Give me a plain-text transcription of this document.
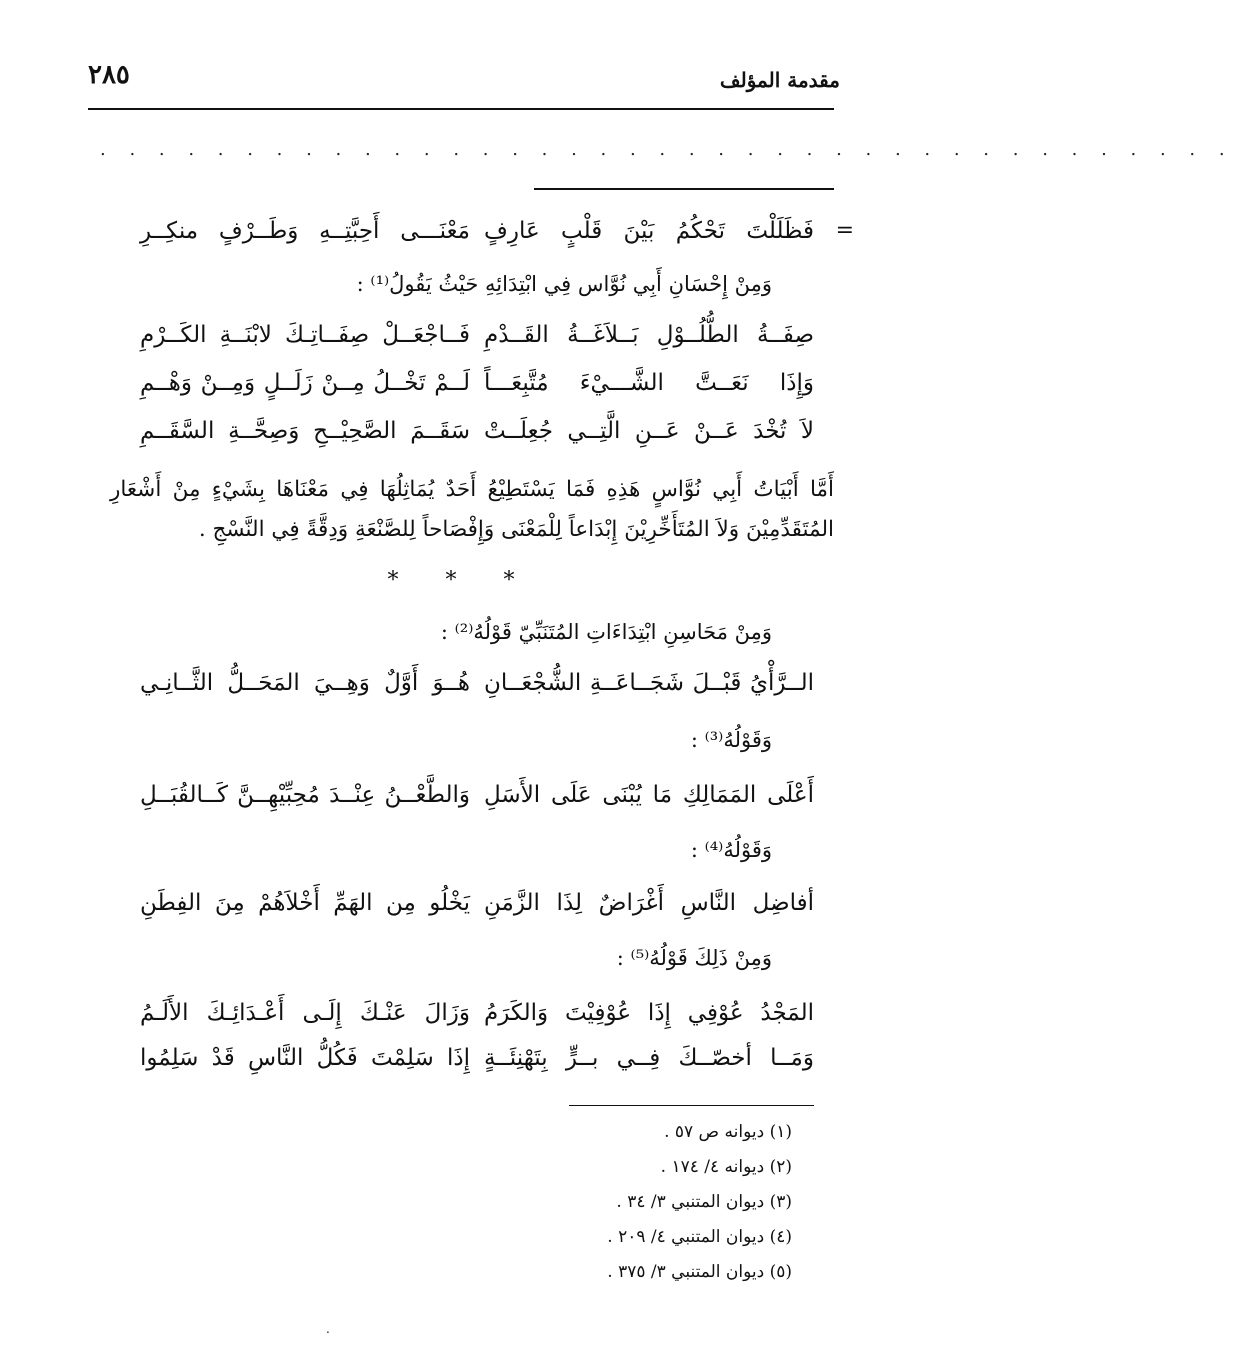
مقدمة المؤلف
٢٨٥
. . . . . . . . . . . . . . . . . . . . . . . . . . . . . . . . . . . . . . .
=
فَظَلَلْتَ تَحْكُمُ بَيْنَ قَلْبٍ عَارِفٍ
مَعْنَـــى أَحِبَّتِــهِ وَطَــرْفٍ منكِــرِ
وَمِنْ إِحْسَانِ أَبِي نُوَّاس فِي ابْتِدَائِهِ حَيْثُ يَقُولُ⁽¹⁾ :
صِفَــةُ الطُّلُــوْلِ بَــلاَغَــةُ القَــدْمِ
فَــاجْعَــلْ صِفَــاتِـكَ لابْنَــةِ الكَــرْمِ
وَإِذَا نَعَــتَّ الشَّـــيْءَ مُتَّبِعَـــاً
لَــمْ تَخْــلُ مِــنْ زَلَــلٍ وَمِــنْ وَهْــمِ
لاَ تُخْدَ عَــنْ عَــنِ الَّتِــي جُعِلَــتْ
سَقَــمَ الصَّحِيْــحِ وَصِحَّــةِ السَّقَــمِ
أَمَّا أَبْيَاتُ أَبِي نُوَّاسٍ هَذِهِ فَمَا يَسْتَطِيْعُ أَحَدٌ يُمَاثِلُهَا فِي مَعْنَاهَا بِشَيْءٍ مِنْ أَشْعَارِ المُتَقَدِّمِيْنَ وَلاَ المُتَأَخِّرِيْنَ إِبْدَاعاً لِلْمَعْنَى وَإِفْصَاحاً لِلصَّنْعَةِ وَدِقَّةً فِي النَّسْجِ .
* * *
وَمِنْ مَحَاسِنِ ابْتِدَاءَاتِ المُتَنَبِّيّ قَوْلُهُ⁽²⁾ :
الــرَّأْيُ قَبْــلَ شَجَــاعَــةِ الشُّجْعَــانِ
هُــوَ أَوَّلٌ وَهِــيَ المَحَــلُّ الثَّــانِـي
وَقَوْلُهُ⁽³⁾ :
أَعْلَى المَمَالِكِ مَا يُبْنَى عَلَى الأَسَلِ
وَالطَّعْــنُ عِنْــدَ مُحِبِّيْهِــنَّ كَــالقُبَــلِ
وَقَوْلُهُ⁽⁴⁾ :
أفاضِل النَّاسِ أَغْرَاضٌ لِذَا الزَّمَنِ
يَخْلُو مِن الهَمِّ أَخْلاَهُمْ مِنَ الفِطَنِ
وَمِنْ ذَلِكَ قَوْلُهُ⁽⁵⁾ :
المَجْدُ عُوْفِي إِذَا عُوْفِيْتَ وَالكَرَمُ
وَزَالَ عَنْـكَ إِلَـى أَعْـدَائِـكَ الأَلَـمُ
وَمَــا أخصّــكَ فِــي بــرٍّ بِتَهْنِئَــةٍ
إِذَا سَلِمْتَ فَكُلُّ النَّاسِ قَدْ سَلِمُوا
(١) ديوانه ص ٥٧ .
(٢) ديوانه ٤/ ١٧٤ .
(٣) ديوان المتنبي ٣/ ٣٤ .
(٤) ديوان المتنبي ٤/ ٢٠٩ .
(٥) ديوان المتنبي ٣/ ٣٧٥ .
.
